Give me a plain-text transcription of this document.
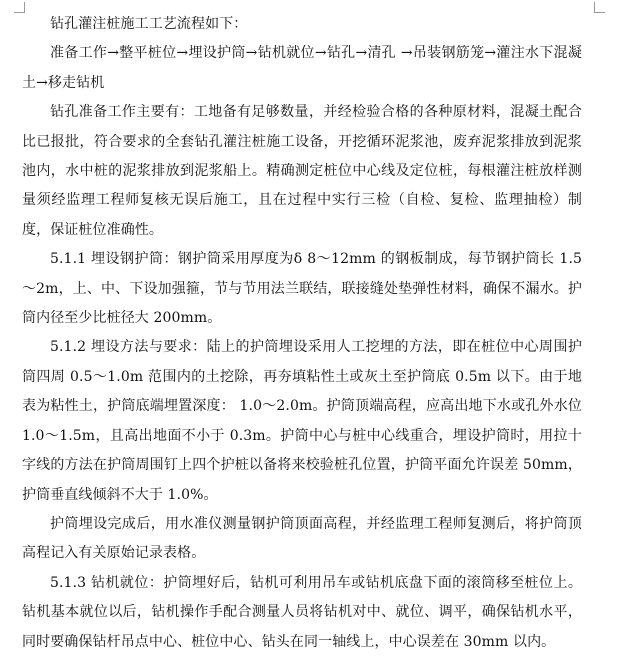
钻孔灌注桩施工工艺流程如下：

准备工作→整平桩位→埋设护筒→钻机就位→钻孔→清孔 →吊装钢筋笼→灌注水下混凝土→移走钻机

钻孔准备工作主要有：工地备有足够数量，并经检验合格的各种原材料，混凝土配合比已报批，符合要求的全套钻孔灌注桩施工设备，开挖循环泥浆池，废弃泥浆排放到泥浆池内，水中桩的泥浆排放到泥浆船上。精确测定桩位中心线及定位桩，每根灌注桩放样测量须经监理工程师复核无误后施工，且在过程中实行三检（自检、复检、监理抽检）制度，保证桩位准确性。

5.1.1 埋设钢护筒：钢护筒采用厚度为δ 8～12mm 的钢板制成，每节钢护筒长 1.5～2m，上、中、下设加强箍，节与节用法兰联结，联接缝处垫弹性材料，确保不漏水。护筒内径至少比桩径大 200mm。

5.1.2 埋设方法与要求：陆上的护筒埋设采用人工挖埋的方法，即在桩位中心周围护筒四周 0.5～1.0m 范围内的土挖除，再夯填粘性土或灰土至护筒底 0.5m 以下。由于地表为粘性土，护筒底端埋置深度： 1.0～2.0m。护筒顶端高程，应高出地下水或孔外水位 1.0～1.5m，且高出地面不小于 0.3m。护筒中心与桩中心线重合，埋设护筒时，用拉十字线的方法在护筒周围钉上四个护桩以备将来校验桩孔位置，护筒平面允许误差 50mm，护筒垂直线倾斜不大于 1.0%。

护筒埋设完成后，用水准仪测量钢护筒顶面高程，并经监理工程师复测后，将护筒顶高程记入有关原始记录表格。

5.1.3 钻机就位：护筒埋好后，钻机可利用吊车或钻机底盘下面的滚筒移至桩位上。钻机基本就位以后，钻机操作手配合测量人员将钻机对中、就位、调平，确保钻机水平，同时要确保钻杆吊点中心、桩位中心、钻头在同一轴线上，中心误差在 30mm 以内。
